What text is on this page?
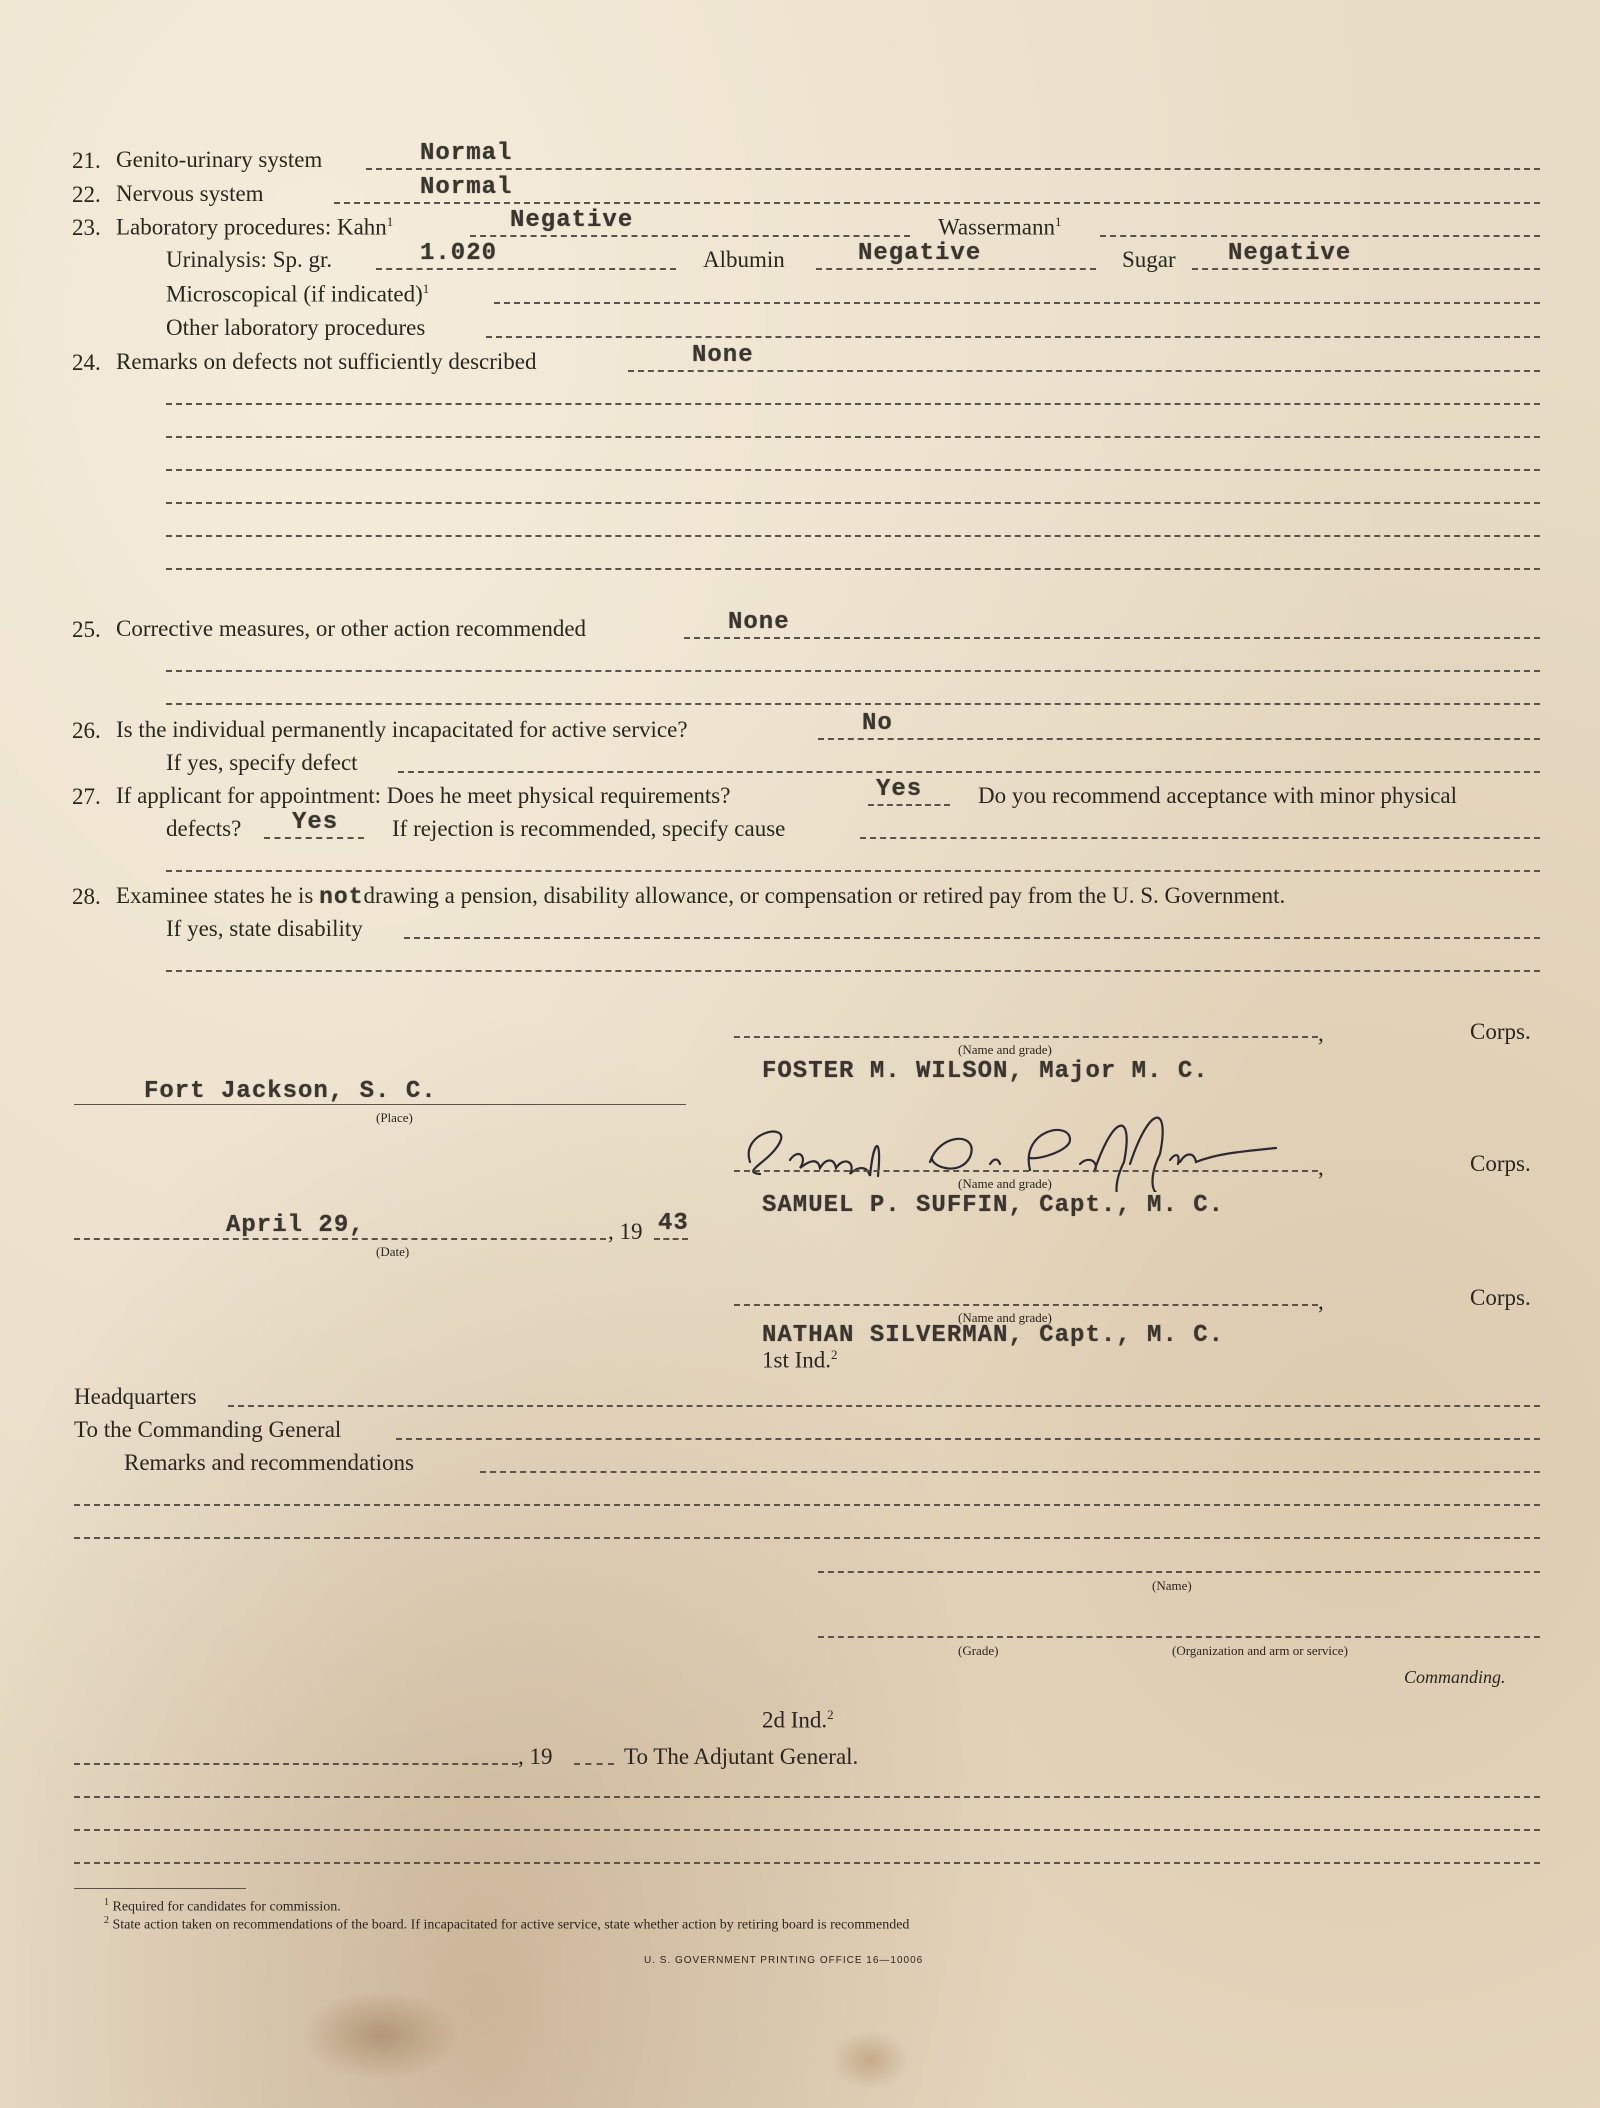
21. Genito-urinary system	Normal
22. Nervous system	Normal
23. Laboratory procedures: Kahn$^1$	Negative	Wassermann$^1$
Urinalysis: Sp. gr.	1.020	Albumin	Negative	Sugar Negative
Microscopical (if indicated)$^1$
Other laboratory procedures
24. Remarks on defects not sufficiently described	None
25. Corrective measures, or other action recommended	None
26. Is the individual permanently incapacitated for active service?	No
If yes, specify defect
27. If applicant for appointment: Does he meet physical requirements?	Yes Do you recommend acceptance with minor physical
defects? Yes If rejection is recommended, specify cause
28. Examinee states he is notdrawing a pension, disability allowance, or compensation or retired pay from the U. S. Government.
If yes, state disability
,	Corps.
(Name and grade)
FOSTER M. WILSON, Major M. C.
Fort Jackson, S. C.
(Place)
,	Corps.
(Name and grade)
SAMUEL P. SUFFIN, Capt., M. C.
April 29,	, 19 43
(Date)
,	Corps.
(Name and grade)
NATHAN SILVERMAN, Capt., M. C.
1st Ind.$^2$
Headquarters
To the Commanding General
Remarks and recommendations
(Name)
(Grade)	(Organization and arm or service)
Commanding.
2d Ind.$^2$
, 19	To The Adjutant General.
$^1$ Required for candidates for commission.
$^2$ State action taken on recommendations of the board. If incapacitated for active service, state whether action by retiring board is recommended
U. S. GOVERNMENT PRINTING OFFICE 16—10006
